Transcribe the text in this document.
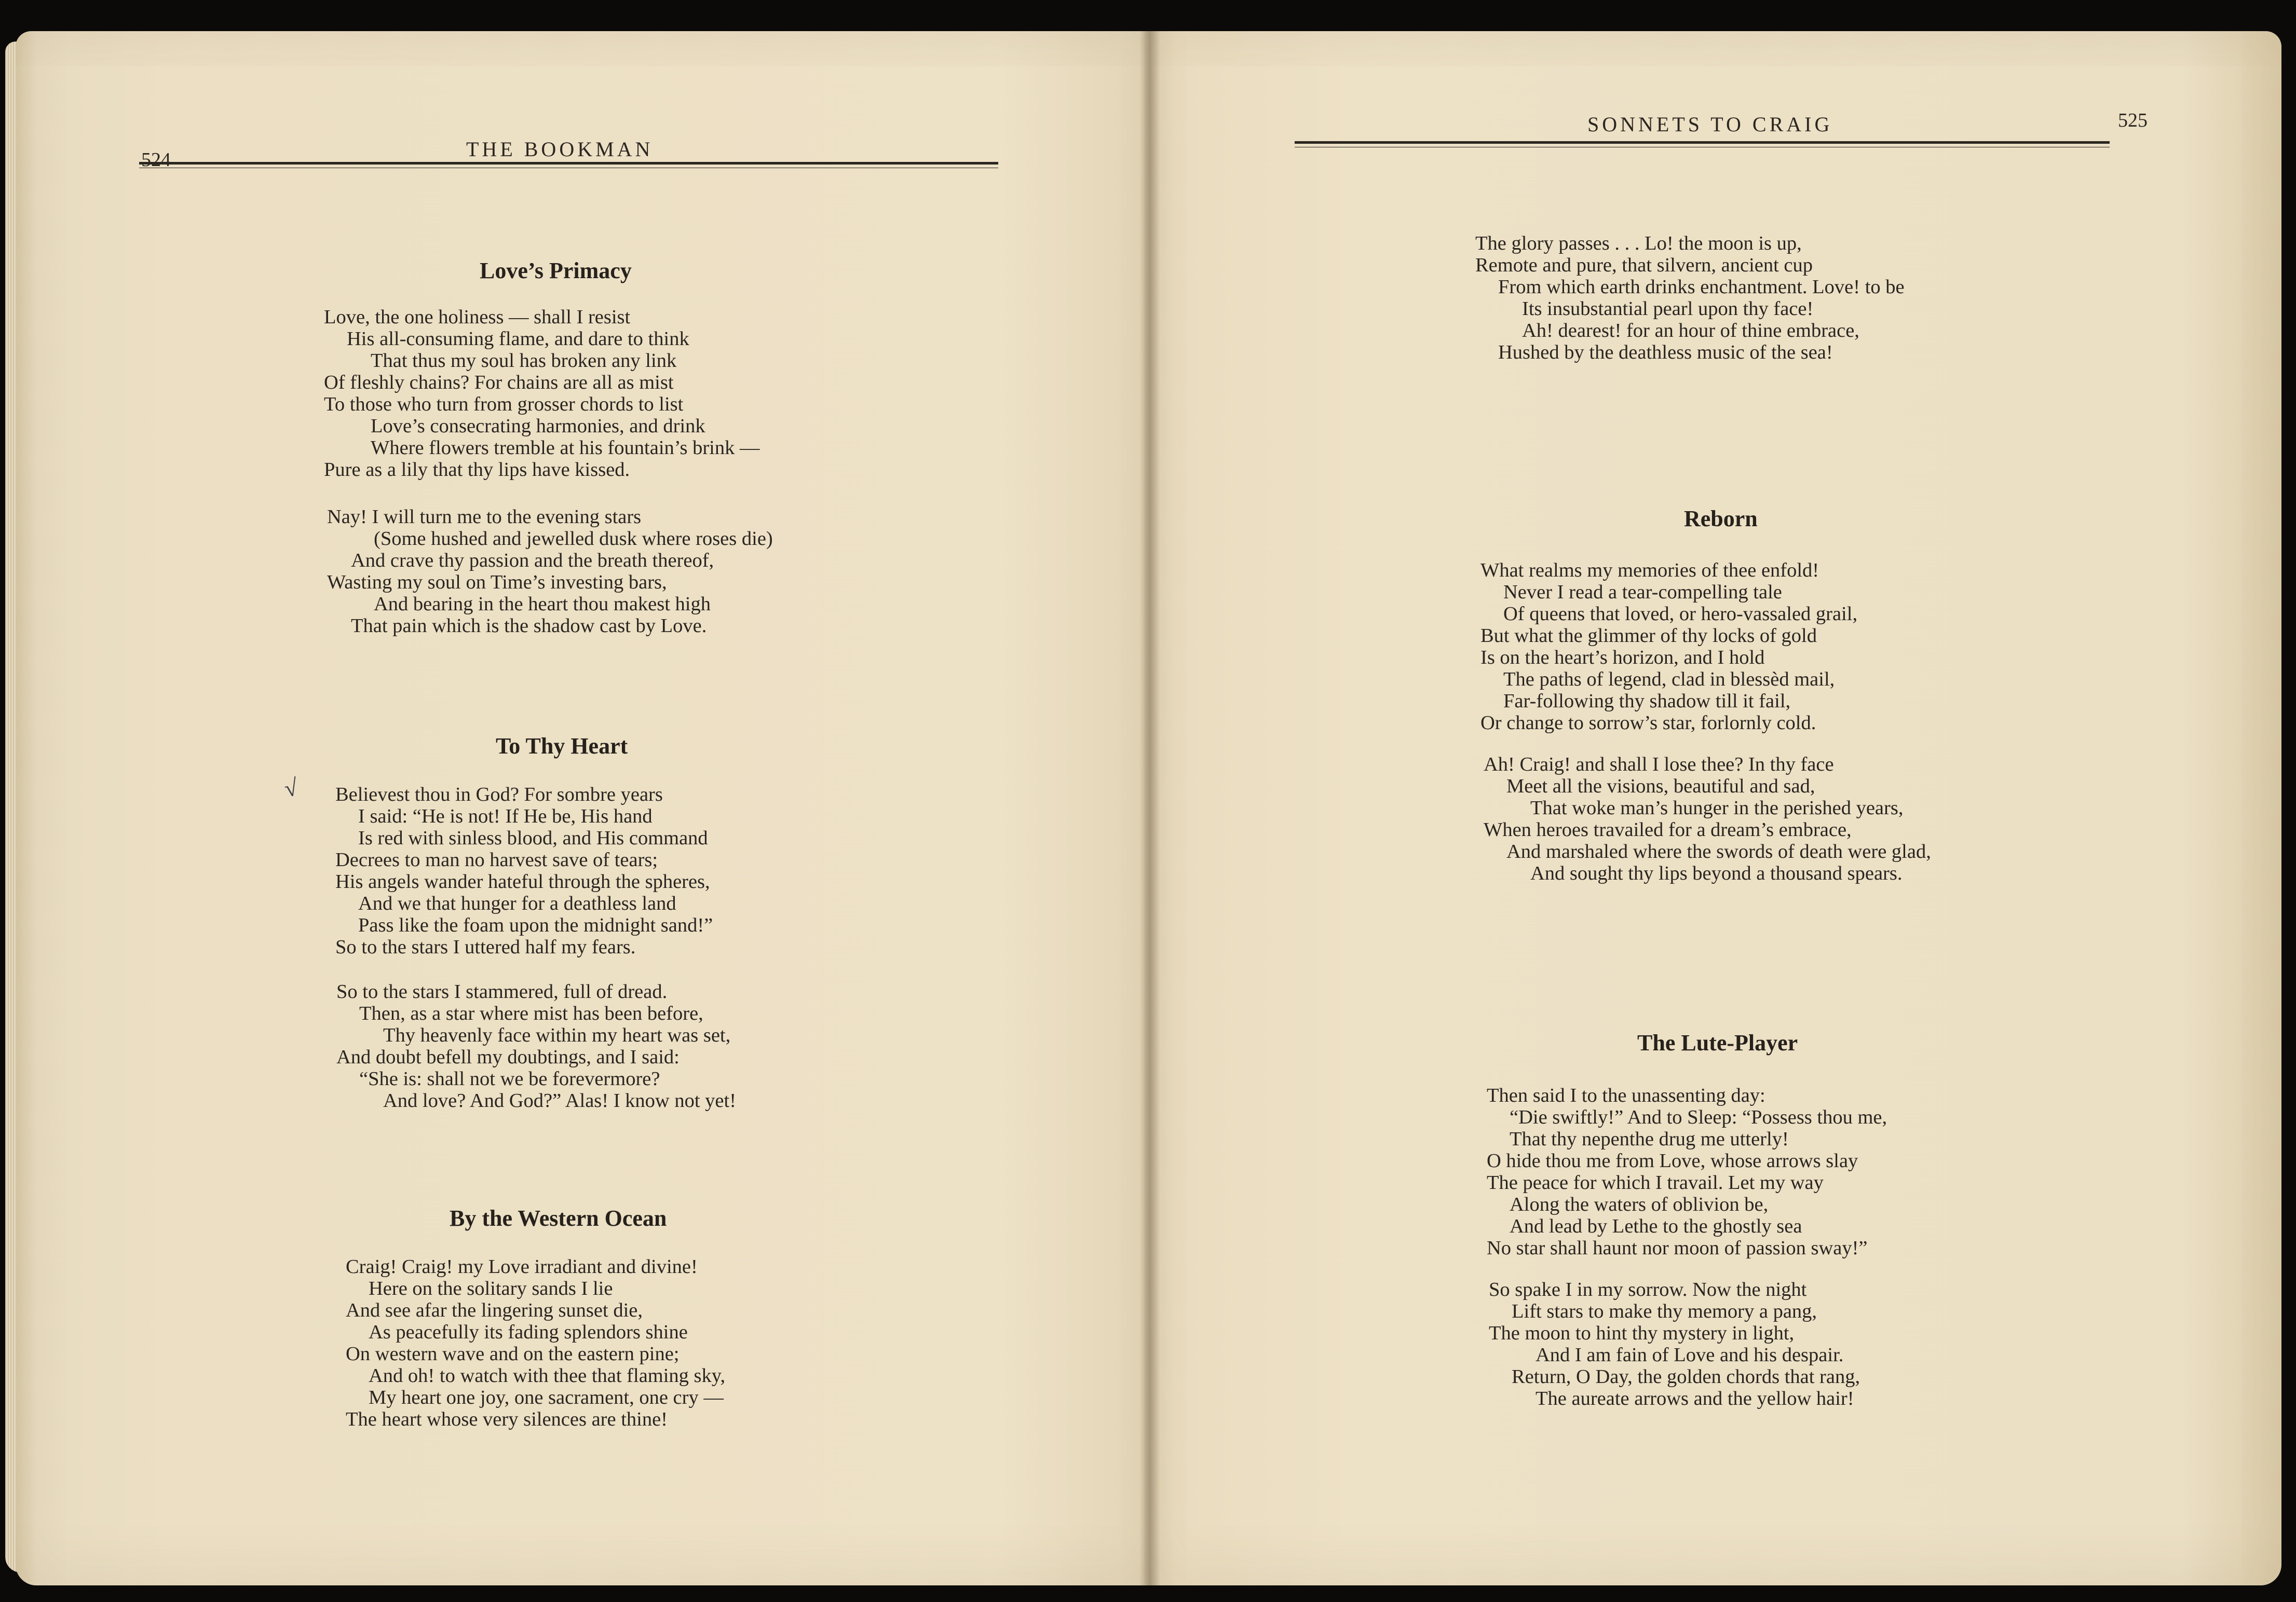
524	THE BOOKMAN
SONNETS TO CRAIG	525
√
Love’s Primacy
Love, the one holiness — shall I resist
His all-consuming flame, and dare to think
That thus my soul has broken any link
Of fleshly chains? For chains are all as mist
To those who turn from grosser chords to list
Love’s consecrating harmonies, and drink
Where flowers tremble at his fountain’s brink —
Pure as a lily that thy lips have kissed.
Nay! I will turn me to the evening stars
(Some hushed and jewelled dusk where roses die)
And crave thy passion and the breath thereof,
Wasting my soul on Time’s investing bars,
And bearing in the heart thou makest high
That pain which is the shadow cast by Love.
To Thy Heart
Believest thou in God? For sombre years
I said: “He is not! If He be, His hand
Is red with sinless blood, and His command
Decrees to man no harvest save of tears;
His angels wander hateful through the spheres,
And we that hunger for a deathless land
Pass like the foam upon the midnight sand!”
So to the stars I uttered half my fears.
So to the stars I stammered, full of dread.
Then, as a star where mist has been before,
Thy heavenly face within my heart was set,
And doubt befell my doubtings, and I said:
“She is: shall not we be forevermore?
And love? And God?” Alas! I know not yet!
By the Western Ocean
Craig! Craig! my Love irradiant and divine!
Here on the solitary sands I lie
And see afar the lingering sunset die,
As peacefully its fading splendors shine
On western wave and on the eastern pine;
And oh! to watch with thee that flaming sky,
My heart one joy, one sacrament, one cry —
The heart whose very silences are thine!
The glory passes . . . Lo! the moon is up,
Remote and pure, that silvern, ancient cup
From which earth drinks enchantment. Love! to be
Its insubstantial pearl upon thy face!
Ah! dearest! for an hour of thine embrace,
Hushed by the deathless music of the sea!
Reborn
What realms my memories of thee enfold!
Never I read a tear-compelling tale
Of queens that loved, or hero-vassaled grail,
But what the glimmer of thy locks of gold
Is on the heart’s horizon, and I hold
The paths of legend, clad in blessèd mail,
Far-following thy shadow till it fail,
Or change to sorrow’s star, forlornly cold.
Ah! Craig! and shall I lose thee? In thy face
Meet all the visions, beautiful and sad,
That woke man’s hunger in the perished years,
When heroes travailed for a dream’s embrace,
And marshaled where the swords of death were glad,
And sought thy lips beyond a thousand spears.
The Lute-Player
Then said I to the unassenting day:
“Die swiftly!” And to Sleep: “Possess thou me,
That thy nepenthe drug me utterly!
O hide thou me from Love, whose arrows slay
The peace for which I travail. Let my way
Along the waters of oblivion be,
And lead by Lethe to the ghostly sea
No star shall haunt nor moon of passion sway!”
So spake I in my sorrow. Now the night
Lift stars to make thy memory a pang,
The moon to hint thy mystery in light,
And I am fain of Love and his despair.
Return, O Day, the golden chords that rang,
The aureate arrows and the yellow hair!
